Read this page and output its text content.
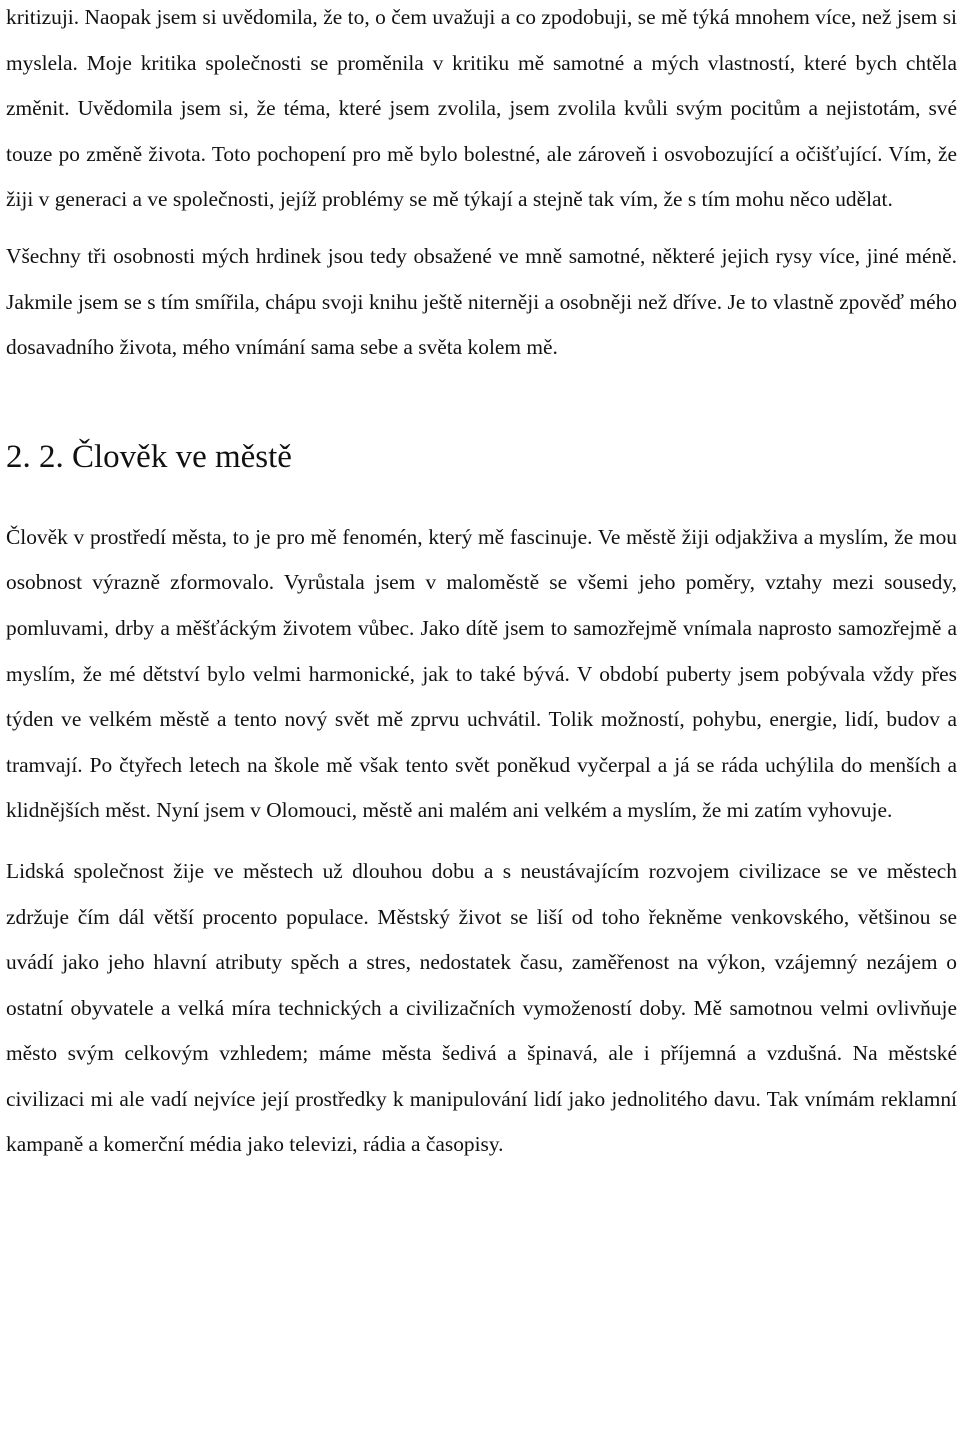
kritizuji. Naopak jsem si uvědomila, že to, o čem uvažuji a co zpodobuji, se mě týká mnohem více, než jsem si myslela. Moje kritika společnosti se proměnila v kritiku mě samotné a mých vlastností, které bych chtěla změnit. Uvědomila jsem si, že téma, které jsem zvolila, jsem zvolila kvůli svým pocitům a nejistotám, své touze po změně života. Toto pochopení pro mě bylo bolestné, ale zároveň i osvobozující a očišťující. Vím, že žiji v generaci a ve společnosti, jejíž problémy se mě týkají a stejně tak vím, že s tím mohu něco udělat.

Všechny tři osobnosti mých hrdinek jsou tedy obsažené ve mně samotné, některé jejich rysy více, jiné méně. Jakmile jsem se s tím smířila, chápu svoji knihu ještě niterněji a osobněji než dříve. Je to vlastně zpověď mého dosavadního života, mého vnímání sama sebe a světa kolem mě.

2. 2. Člověk ve městě

Člověk v prostředí města, to je pro mě fenomén, který mě fascinuje. Ve městě žiji odjakživa a myslím, že mou osobnost výrazně zformovalo. Vyrůstala jsem v maloměstě se všemi jeho poměry, vztahy mezi sousedy, pomluvami, drby a měšťáckým životem vůbec. Jako dítě jsem to samozřejmě vnímala naprosto samozřejmě a myslím, že mé dětství bylo velmi harmonické, jak to také bývá. V období puberty jsem pobývala vždy přes týden ve velkém městě a tento nový svět mě zprvu uchvátil. Tolik možností, pohybu, energie, lidí, budov a tramvají. Po čtyřech letech na škole mě však tento svět poněkud vyčerpal a já se ráda uchýlila do menších a klidnějších měst. Nyní jsem v Olomouci, městě ani malém ani velkém a myslím, že mi zatím vyhovuje.

Lidská společnost žije ve městech už dlouhou dobu a s neustávajícím rozvojem civilizace se ve městech zdržuje čím dál větší procento populace. Městský život se liší od toho řekněme venkovského, většinou se uvádí jako jeho hlavní atributy spěch a stres, nedostatek času, zaměřenost na výkon, vzájemný nezájem o ostatní obyvatele a velká míra technických a civilizačních vymožeností doby. Mě samotnou velmi ovlivňuje město svým celkovým vzhledem; máme města šedivá a špinavá, ale i příjemná a vzdušná. Na městské civilizaci mi ale vadí nejvíce její prostředky k manipulování lidí jako jednolitého davu. Tak vnímám reklamní kampaně a komerční média jako televizi, rádia a časopisy.
